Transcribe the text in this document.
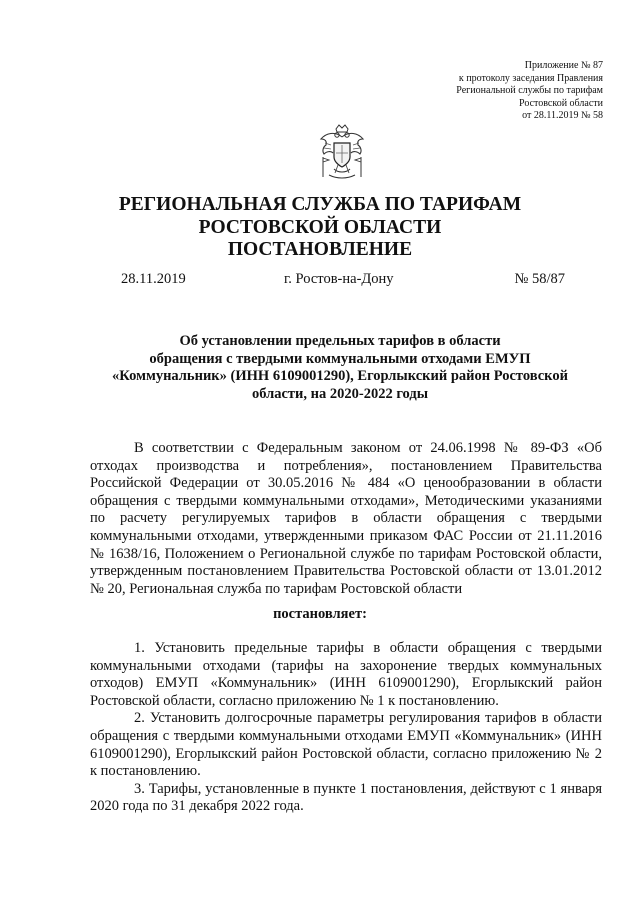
Приложение № 87
к протоколу заседания Правления
Региональной службы по тарифам
Ростовской области
от 28.11.2019 № 58
РЕГИОНАЛЬНАЯ СЛУЖБА ПО ТАРИФАМ
РОСТОВСКОЙ ОБЛАСТИ
ПОСТАНОВЛЕНИЕ
28.11.2019	г. Ростов-на-Дону	№ 58/87
Об установлении предельных тарифов в области
обращения с твердыми коммунальными отходами ЕМУП
«Коммунальник» (ИНН 6109001290), Егорлыкский район Ростовской
области, на 2020-2022 годы

В соответствии с Федеральным законом от 24.06.1998 № 89-ФЗ «Об отходах производства и потребления», постановлением Правительства Российской Федерации от 30.05.2016 № 484 «О ценообразовании в области обращения с твердыми коммунальными отходами», Методическими указаниями по расчету регулируемых тарифов в области обращения с твердыми коммунальными отходами, утвержденными приказом ФАС России от 21.11.2016 № 1638/16, Положением о Региональной службе по тарифам Ростовской области, утвержденным постановлением Правительства Ростовской области от 13.01.2012 № 20, Региональная служба по тарифам Ростовской области

постановляет:

1. Установить предельные тарифы в области обращения с твердыми коммунальными отходами (тарифы на захоронение твердых коммунальных отходов) ЕМУП «Коммунальник» (ИНН 6109001290), Егорлыкский район Ростовской области, согласно приложению № 1 к постановлению.

2. Установить долгосрочные параметры регулирования тарифов в области обращения с твердыми коммунальными отходами ЕМУП «Коммунальник» (ИНН 6109001290), Егорлыкский район Ростовской области, согласно приложению № 2 к постановлению.

3. Тарифы, установленные в пункте 1 постановления, действуют с 1 января 2020 года по 31 декабря 2022 года.
